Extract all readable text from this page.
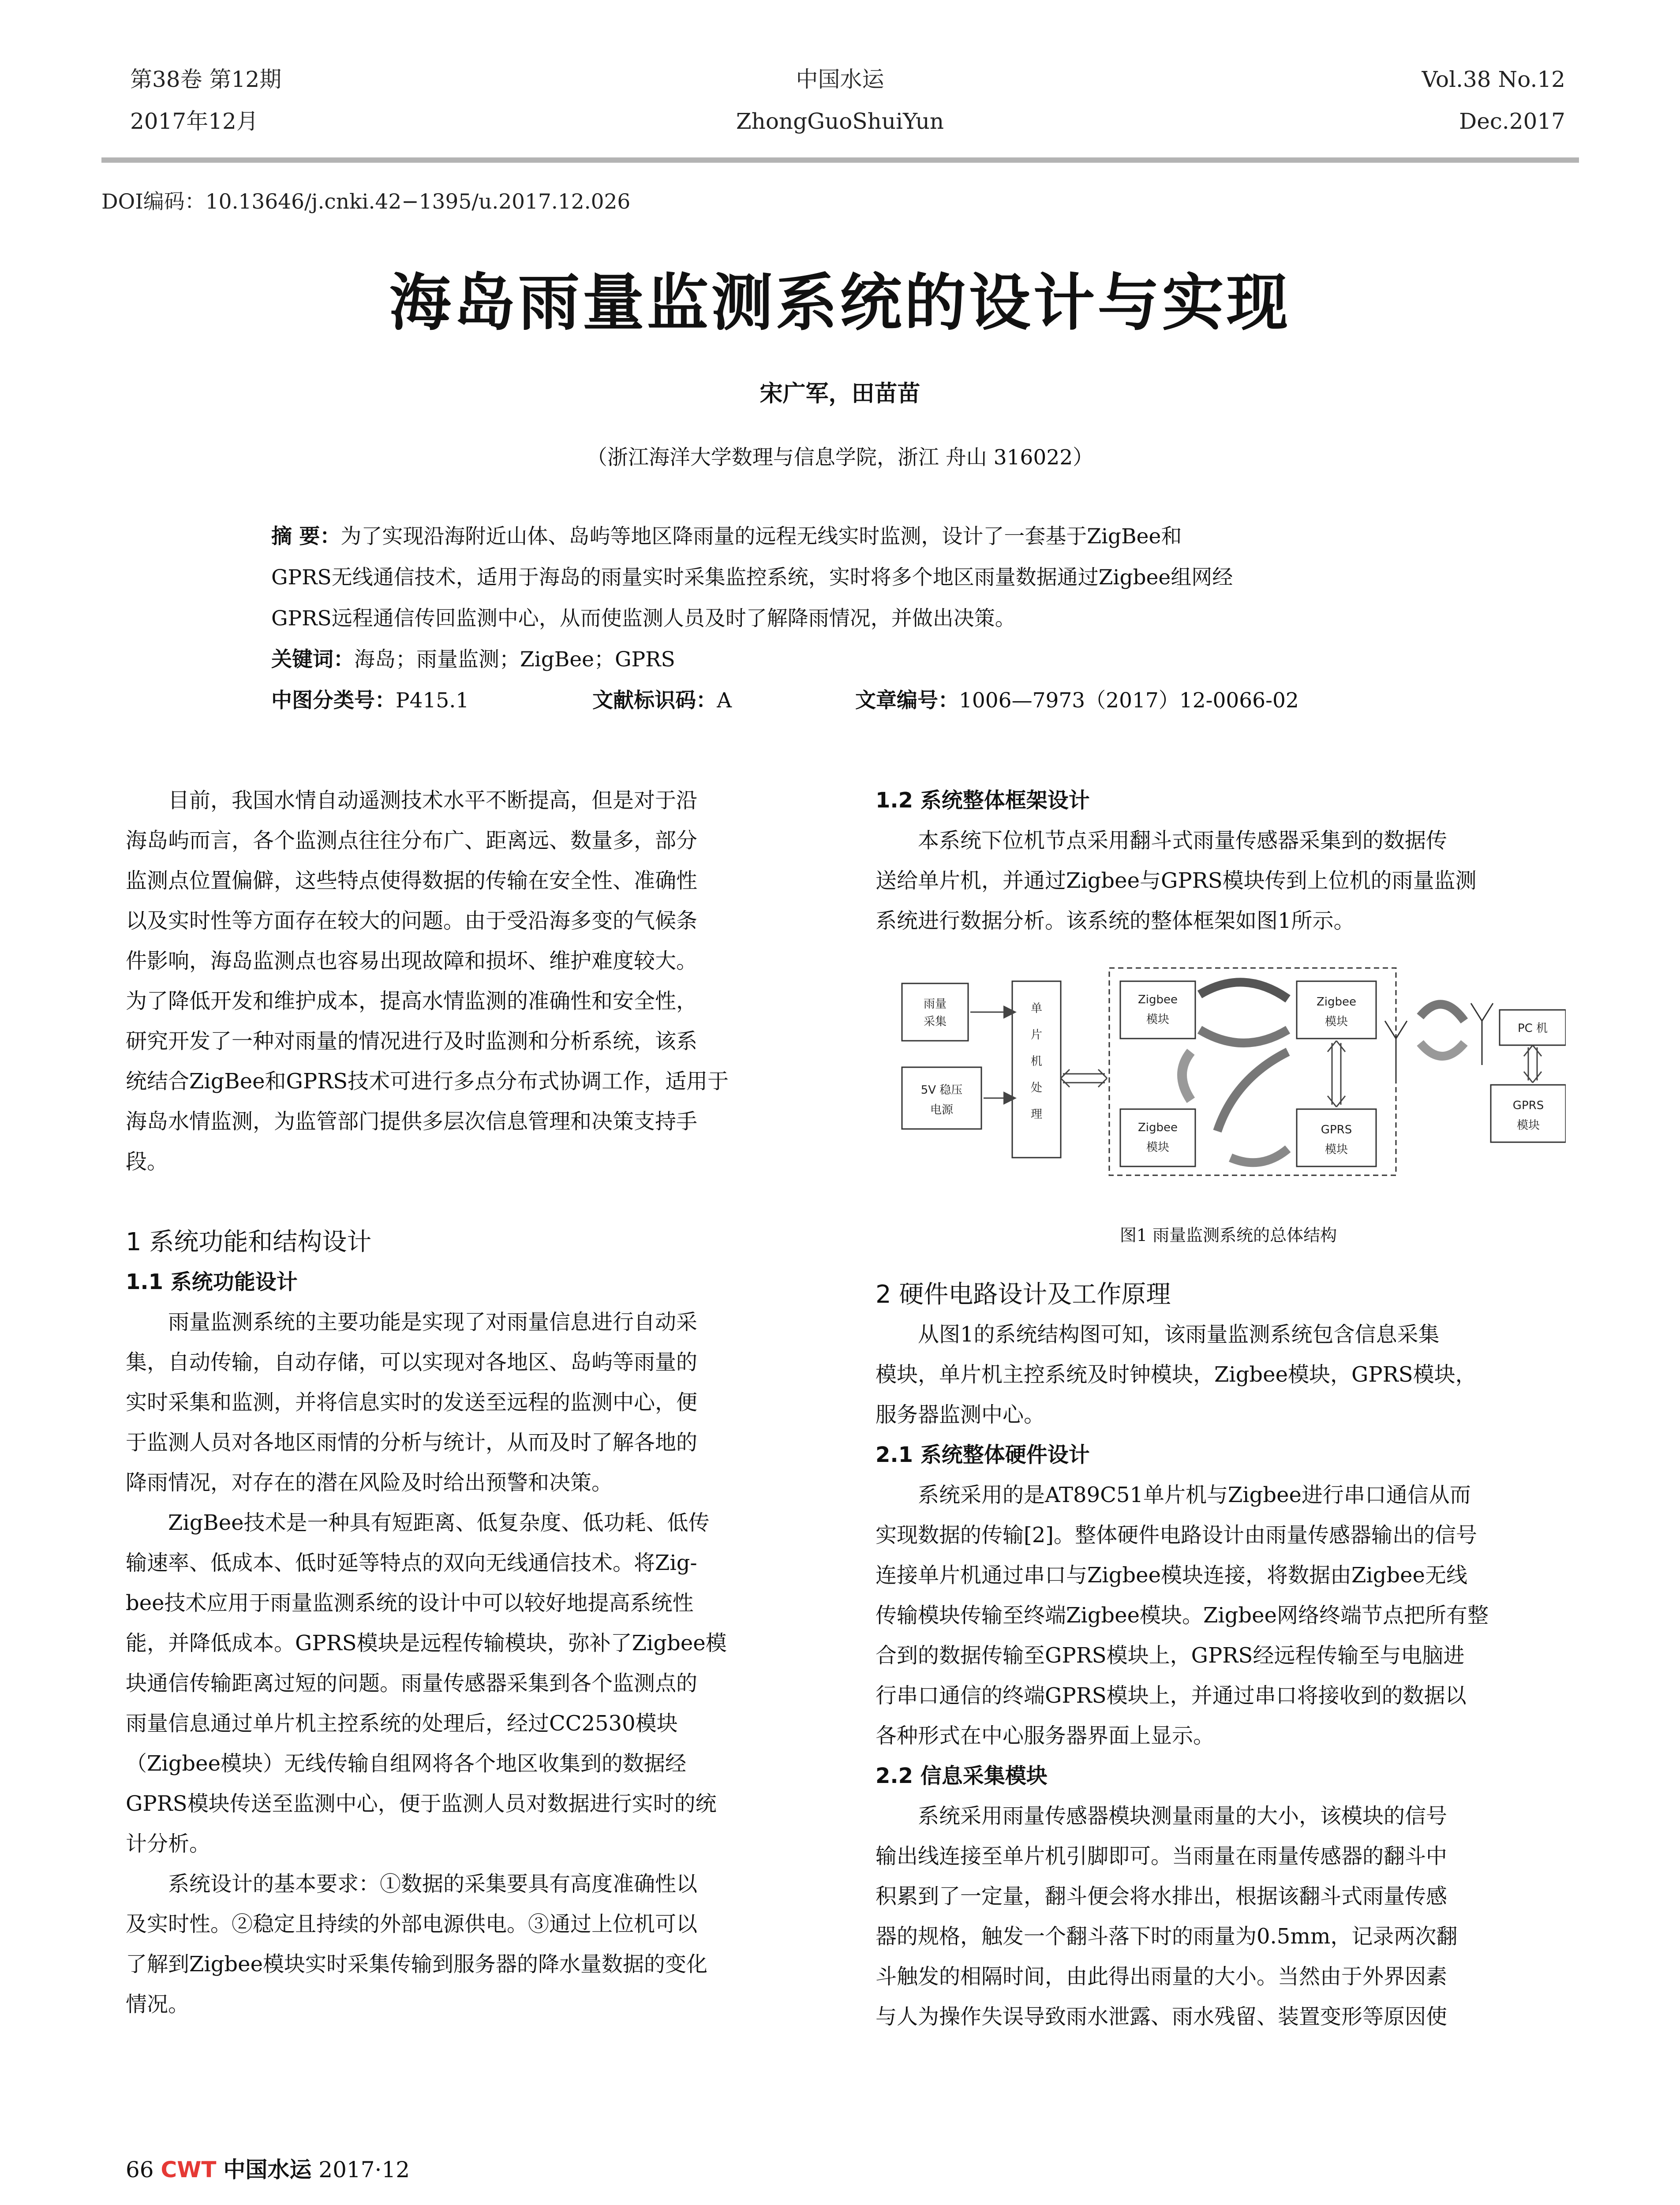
第38卷 第12期
2017年12月
中国水运
ZhongGuoShuiYun
Vol.38 No.12
Dec.2017
DOI编码：10.13646/j.cnki.42−1395/u.2017.12.026
海岛雨量监测系统的设计与实现
宋广军，田苗苗
（浙江海洋大学数理与信息学院，浙江 舟山 316022）

摘 要：为了实现沿海附近山体、岛屿等地区降雨量的远程无线实时监测，设计了一套基于ZigBee和

GPRS无线通信技术，适用于海岛的雨量实时采集监控系统，实时将多个地区雨量数据通过Zigbee组网经

GPRS远程通信传回监测中心，从而使监测人员及时了解降雨情况，并做出决策。

关键词：海岛；雨量监测；ZigBee；GPRS

中图分类号：P415.1	文献标识码：A	文章编号：1006—7973（2017）12-0066-02

　　目前，我国水情自动遥测技术水平不断提高，但是对于沿

海岛屿而言，各个监测点往往分布广、距离远、数量多，部分

监测点位置偏僻，这些特点使得数据的传输在安全性、准确性

以及实时性等方面存在较大的问题。由于受沿海多变的气候条

件影响，海岛监测点也容易出现故障和损坏、维护难度较大。

为了降低开发和维护成本，提高水情监测的准确性和安全性，

研究开发了一种对雨量的情况进行及时监测和分析系统，该系

统结合ZigBee和GPRS技术可进行多点分布式协调工作，适用于

海岛水情监测，为监管部门提供多层次信息管理和决策支持手

段。

1 系统功能和结构设计

1.1 系统功能设计

　　雨量监测系统的主要功能是实现了对雨量信息进行自动采

集，自动传输，自动存储，可以实现对各地区、岛屿等雨量的

实时采集和监测，并将信息实时的发送至远程的监测中心，便

于监测人员对各地区雨情的分析与统计，从而及时了解各地的

降雨情况，对存在的潜在风险及时给出预警和决策。

　　ZigBee技术是一种具有短距离、低复杂度、低功耗、低传

输速率、低成本、低时延等特点的双向无线通信技术。将Zig-

bee技术应用于雨量监测系统的设计中可以较好地提高系统性

能，并降低成本。GPRS模块是远程传输模块，弥补了Zigbee模

块通信传输距离过短的问题。雨量传感器采集到各个监测点的

雨量信息通过单片机主控系统的处理后，经过CC2530模块

（Zigbee模块）无线传输自组网将各个地区收集到的数据经

GPRS模块传送至监测中心，便于监测人员对数据进行实时的统

计分析。

　　系统设计的基本要求：①数据的采集要具有高度准确性以

及实时性。②稳定且持续的外部电源供电。③通过上位机可以

了解到Zigbee模块实时采集传输到服务器的降水量数据的变化

情况。

1.2 系统整体框架设计

　　本系统下位机节点采用翻斗式雨量传感器采集到的数据传

送给单片机，并通过Zigbee与GPRS模块传到上位机的雨量监测

系统进行数据分析。该系统的整体框架如图1所示。

2 硬件电路设计及工作原理

　　从图1的系统结构图可知，该雨量监测系统包含信息采集

模块，单片机主控系统及时钟模块，Zigbee模块，GPRS模块，

服务器监测中心。

2.1 系统整体硬件设计

　　系统采用的是AT89C51单片机与Zigbee进行串口通信从而

实现数据的传输[2]。整体硬件电路设计由雨量传感器输出的信号

连接单片机通过串口与Zigbee模块连接，将数据由Zigbee无线

传输模块传输至终端Zigbee模块。Zigbee网络终端节点把所有整

合到的数据传输至GPRS模块上，GPRS经远程传输至与电脑进

行串口通信的终端GPRS模块上，并通过串口将接收到的数据以

各种形式在中心服务器界面上显示。

2.2 信息采集模块

　　系统采用雨量传感器模块测量雨量的大小，该模块的信号

输出线连接至单片机引脚即可。当雨量在雨量传感器的翻斗中

积累到了一定量，翻斗便会将水排出，根据该翻斗式雨量传感

器的规格，触发一个翻斗落下时的雨量为0.5mm，记录两次翻

斗触发的相隔时间，由此得出雨量的大小。当然由于外界因素

与人为操作失误导致雨水泄露、雨水残留、装置变形等原因使

雨量
采集
5V 稳压
电源
单
片
机
处
理
Zigbee
模块
Zigbee
模块
Zigbee
模块
GPRS
模块
PC 机
GPRS
模块
图1 雨量监测系统的总体结构
66 CWT 中国水运 2017·12
